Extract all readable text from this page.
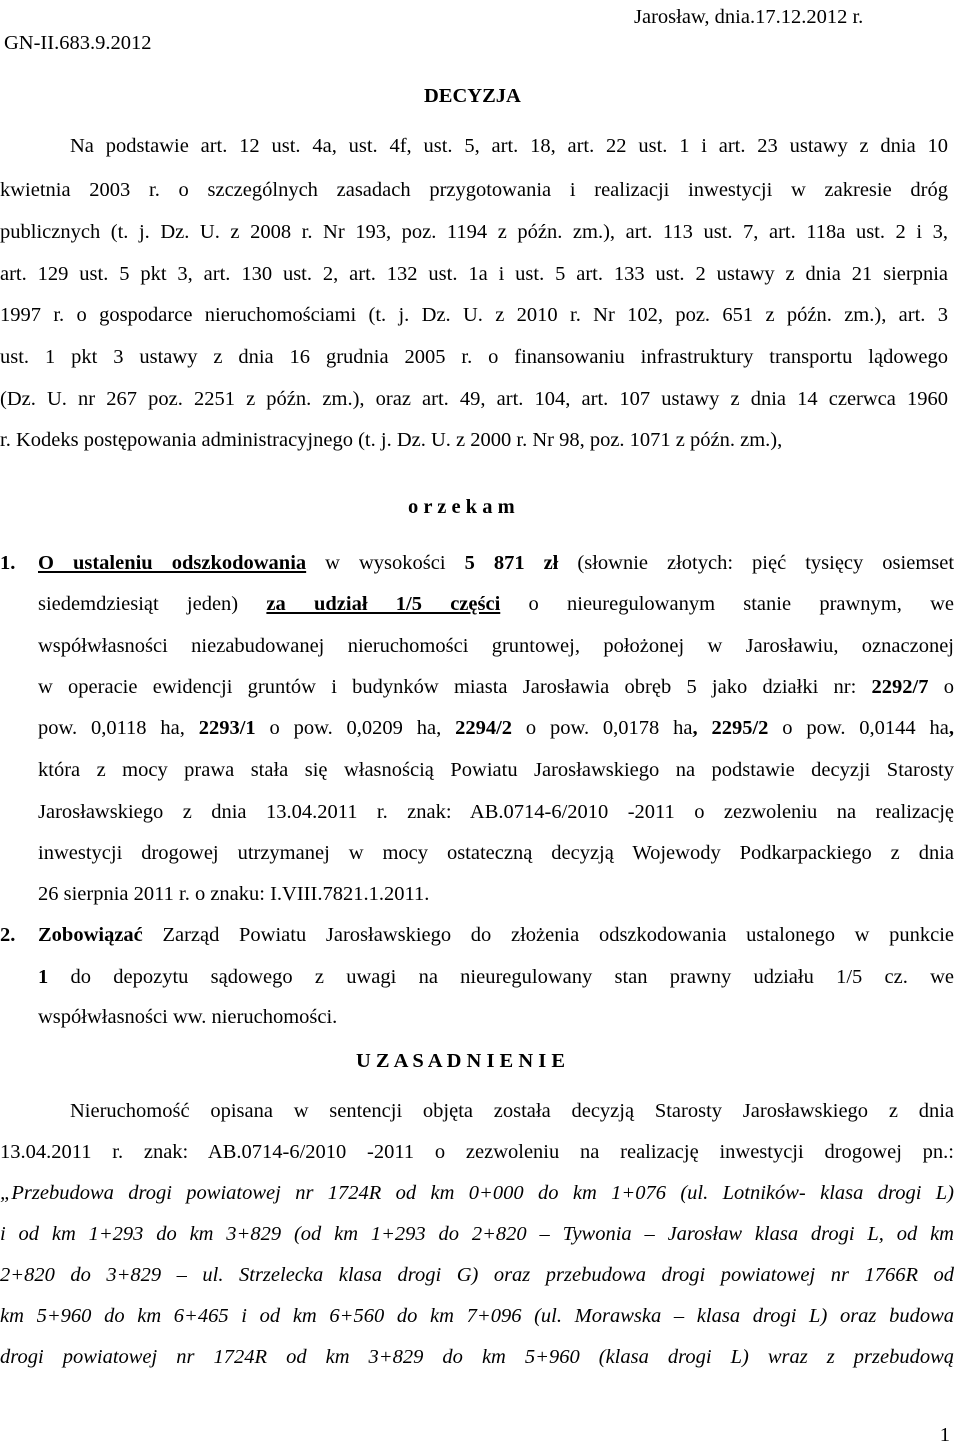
GN-II.683.9.2012
Jarosław, dnia.17.12.2012 r.
DECYZJA
Na podstawie art. 12 ust. 4a, ust. 4f, ust. 5, art. 18, art. 22 ust. 1 i art. 23 ustawy z dnia 10
kwietnia 2003 r. o szczególnych zasadach przygotowania i realizacji inwestycji w zakresie dróg
publicznych (t. j. Dz. U. z 2008 r. Nr 193, poz. 1194 z późn. zm.), art. 113 ust. 7, art. 118a ust. 2 i 3,
art. 129 ust. 5 pkt 3, art. 130 ust. 2, art. 132 ust. 1a i ust. 5 art. 133 ust. 2 ustawy z dnia 21 sierpnia
1997 r. o gospodarce nieruchomościami (t. j. Dz. U. z 2010 r. Nr 102, poz. 651 z późn. zm.), art. 3
ust. 1 pkt 3 ustawy z dnia 16 grudnia 2005 r. o finansowaniu infrastruktury transportu lądowego
(Dz. U. nr 267 poz. 2251 z późn. zm.), oraz art. 49, art. 104, art. 107 ustawy z dnia 14 czerwca 1960
r. Kodeks postępowania administracyjnego (t. j. Dz. U. z 2000 r. Nr 98, poz. 1071 z późn. zm.),
o r z e k a m
1. O ustaleniu odszkodowania w wysokości 5 871 zł (słownie złotych: pięć tysięcy osiemset
siedemdziesiąt jeden) za udział 1/5 części o nieuregulowanym stanie prawnym, we
współwłasności niezabudowanej nieruchomości gruntowej, położonej w Jarosławiu, oznaczonej
w operacie ewidencji gruntów i budynków miasta Jarosławia obręb 5 jako działki nr: 2292/7 o
pow. 0,0118 ha, 2293/1 o pow. 0,0209 ha, 2294/2 o pow. 0,0178 ha, 2295/2 o pow. 0,0144 ha,
która z mocy prawa stała się własnością Powiatu Jarosławskiego na podstawie decyzji Starosty
Jarosławskiego z dnia 13.04.2011 r. znak: AB.0714-6/2010 -2011 o zezwoleniu na realizację
inwestycji drogowej utrzymanej w mocy ostateczną decyzją Wojewody Podkarpackiego z dnia
26 sierpnia 2011 r. o znaku: I.VIII.7821.1.2011.
2. Zobowiązać Zarząd Powiatu Jarosławskiego do złożenia odszkodowania ustalonego w punkcie
1 do depozytu sądowego z uwagi na nieuregulowany stan prawny udziału 1/5 cz. we
współwłasności ww. nieruchomości.
U Z A S A D N I E N I E
Nieruchomość opisana w sentencji objęta została decyzją Starosty Jarosławskiego z dnia
13.04.2011 r. znak: AB.0714-6/2010 -2011 o zezwoleniu na realizację inwestycji drogowej pn.:
„Przebudowa drogi powiatowej nr 1724R od km 0+000 do km 1+076 (ul. Lotników- klasa drogi L)
i od km 1+293 do km 3+829 (od km 1+293 do 2+820 – Tywonia – Jarosław klasa drogi L, od km
2+820 do 3+829 – ul. Strzelecka klasa drogi G) oraz przebudowa drogi powiatowej nr 1766R od
km 5+960 do km 6+465 i od km 6+560 do km 7+096 (ul. Morawska – klasa drogi L) oraz budowa
drogi powiatowej nr 1724R od km 3+829 do km 5+960 (klasa drogi L) wraz z przebudową
1
